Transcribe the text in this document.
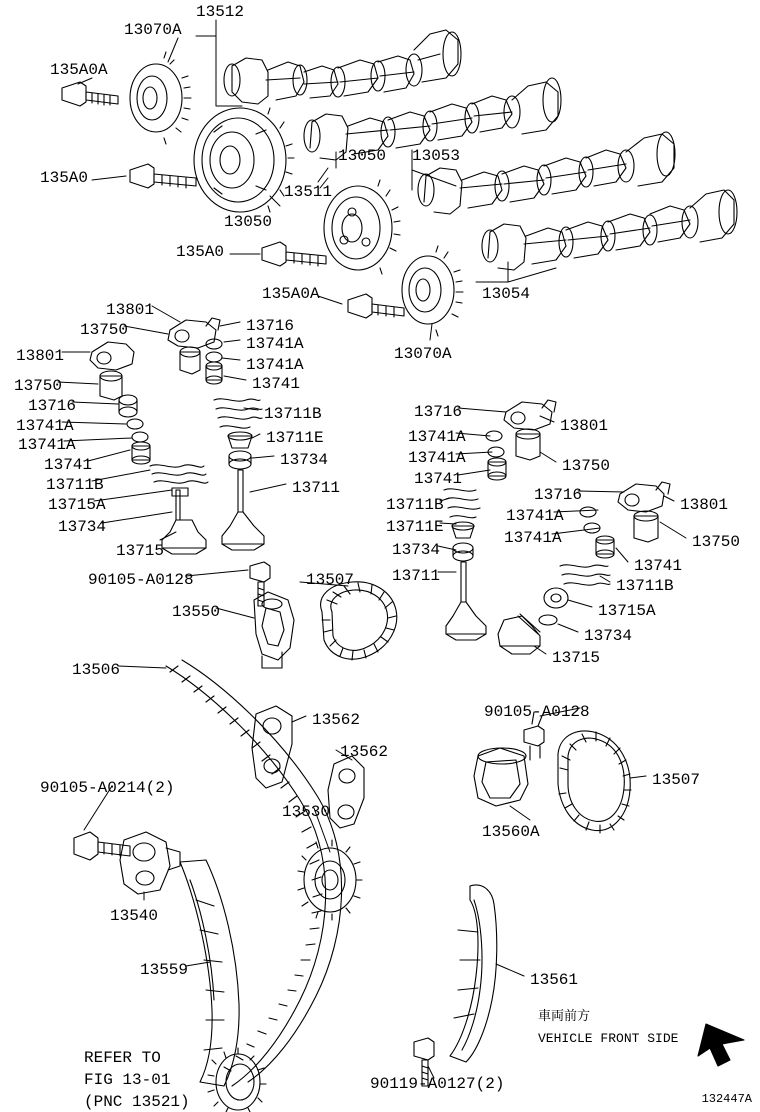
13070A
13512
135A0A
135A0
13050 13053
13511
13050
135A0
135A0A	13054
13070A
13801
13750	13716
13741A
13741A
13741
13801
13750
13716
13741A
13741A
13741
13711B
13715A
13734
13715
13711B
13711E
13734
13711
13716
13801
13741A
13741A	13750
13741
13716
13801
13711B
13741A
13711E
13741A	13750
13734
13741
13711
13711B
13715A
13734
13715
90105-A0128	13507
13550
13506
13562
13562
90105-A0128
13507
90105-A0214(2)
13530
13560A
13540
13559
13561
90119-A0127(2)
REFER TO
FIG 13-01
(PNC 13521)
車両前方
VEHICLE FRONT SIDE
132447A
